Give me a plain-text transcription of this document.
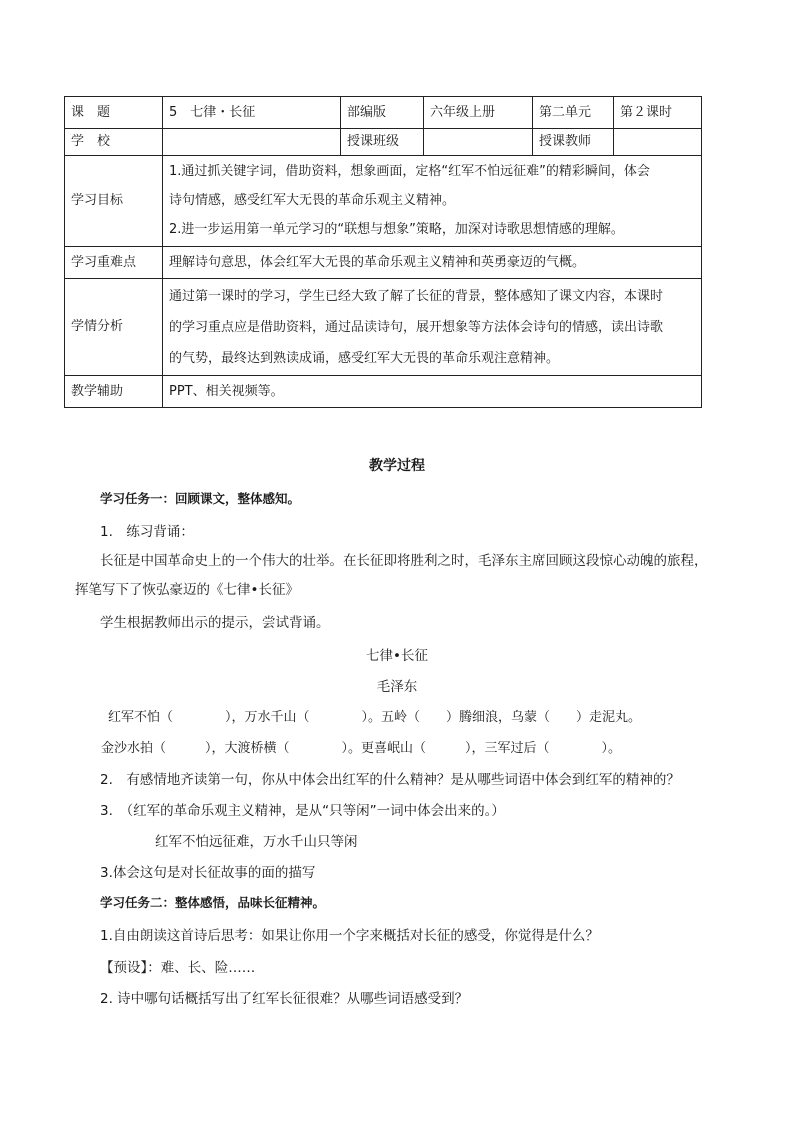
课　题	5　七律・长征	部编版	六年级上册	第二单元	第２课时
学　校		授课班级		授课教师	
学习目标	1.通过抓关键字词，借助资料，想象画面，定格“红军不怕远征难”的精彩瞬间，体会

诗句情感，感受红军大无畏的革命乐观主义精神。

2.进一步运用第一单元学习的“联想与想象”策略，加深对诗歌思想情感的理解。				

学习重难点	理解诗句意思，体会红军大无畏的革命乐观主义精神和英勇豪迈的气概。				
学情分析	通过第一课时的学习，学生已经大致了解了长征的背景，整体感知了课文内容，本课时

的学习重点应是借助资料，通过品读诗句，展开想象等方法体会诗句的情感，读出诗歌

的气势，最终达到熟读成诵，感受红军大无畏的革命乐观注意精神。				

教学辅助	PPT、相关视频等。				
教学过程
学习任务一：回顾课文，整体感知。
1.　练习背诵：
长征是中国革命史上的一个伟大的壮举。在长征即将胜利之时，毛泽东主席回顾这段惊心动魄的旅程，
挥笔写下了恢弘豪迈的《七律•长征》
学生根据教师出示的提示，尝试背诵。
七律•长征
毛泽东
红军不怕（　　　　），万水千山（　　　　）。五岭（　　）腾细浪，乌蒙（　　）走泥丸。
金沙水拍（　　　），大渡桥横（　　　　）。更喜岷山（　　　），三军过后（　　　　）。
2.　有感情地齐读第一句，你从中体会出红军的什么精神？是从哪些词语中体会到红军的精神的？
3.　（红军的革命乐观主义精神，是从“只等闲”一词中体会出来的。）
红军不怕远征难，万水千山只等闲
3.体会这句是对长征故事的面的描写
学习任务二：整体感悟，品味长征精神。
1.自由朗读这首诗后思考：如果让你用一个字来概括对长征的感受，你觉得是什么？
【预设】：难、长、险……
2. 诗中哪句话概括写出了红军长征很难？从哪些词语感受到？
